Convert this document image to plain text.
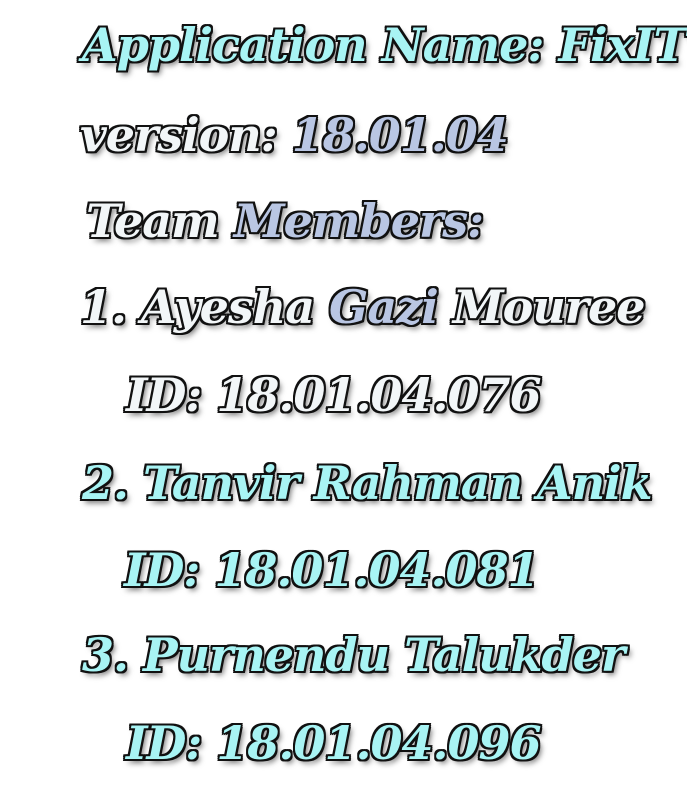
Application Name: FixIT
version: 18.01.04
Team Members:
1. Ayesha Gazi Mouree
ID: 18.01.04.076
2. Tanvir Rahman Anik
ID: 18.01.04.081
3. Purnendu Talukder
ID: 18.01.04.096
